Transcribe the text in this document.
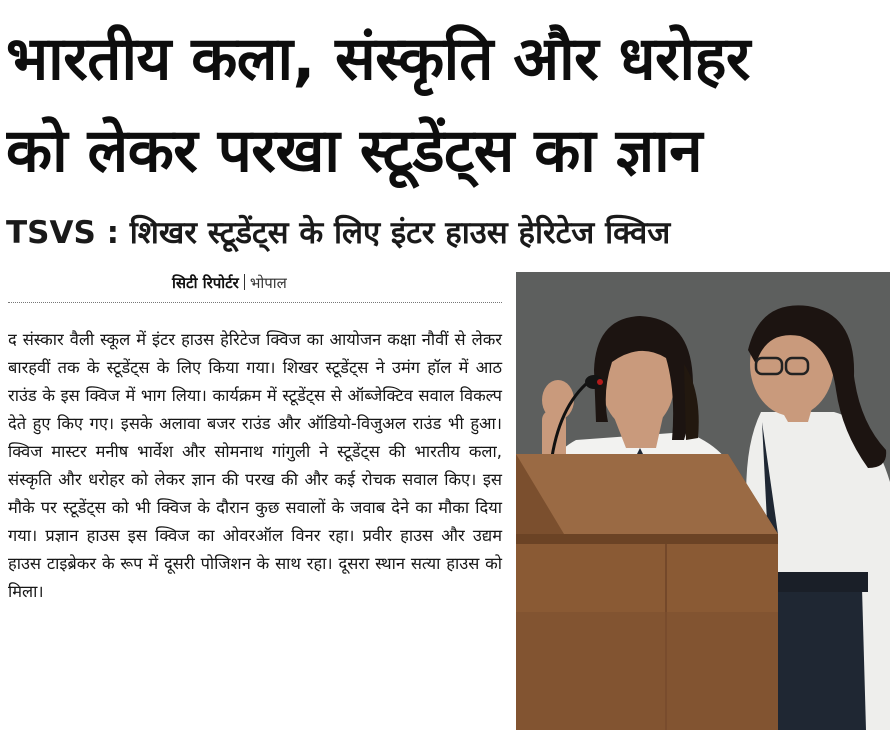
भारतीय कला, संस्कृति और धरोहर
को लेकर परखा स्टूडेंट्स का ज्ञान
TSVS : शिखर स्टूडेंट्स के लिए इंटर हाउस हेरिटेज क्विज
सिटी रिपोर्टर भोपाल

द संस्कार वैली स्कूल में इंटर हाउस हेरिटेज क्विज का आयोजन कक्षा नौवीं से लेकर बारहवीं तक के स्टूडेंट्स के लिए किया गया। शिखर स्टूडेंट्स ने उमंग हॉल में आठ राउंड के इस क्विज में भाग लिया। कार्यक्रम में स्टूडेंट्स से ऑब्जेक्टिव सवाल विकल्प देते हुए किए गए। इसके अलावा बजर राउंड और ऑडियो-विजुअल राउंड भी हुआ। क्विज मास्टर मनीष भार्वेश और सोमनाथ गांगुली ने स्टूडेंट्स की भारतीय कला, संस्कृति और धरोहर को लेकर ज्ञान की परख की और कई रोचक सवाल किए। इस मौके पर स्टूडेंट्स को भी क्विज के दौरान कुछ सवालों के जवाब देने का मौका दिया गया। प्रज्ञान हाउस इस क्विज का ओवरऑल विनर रहा। प्रवीर हाउस और उद्यम हाउस टाइब्रेकर के रूप में दूसरी पोजिशन के साथ रहा। दूसरा स्थान सत्या हाउस को मिला।
